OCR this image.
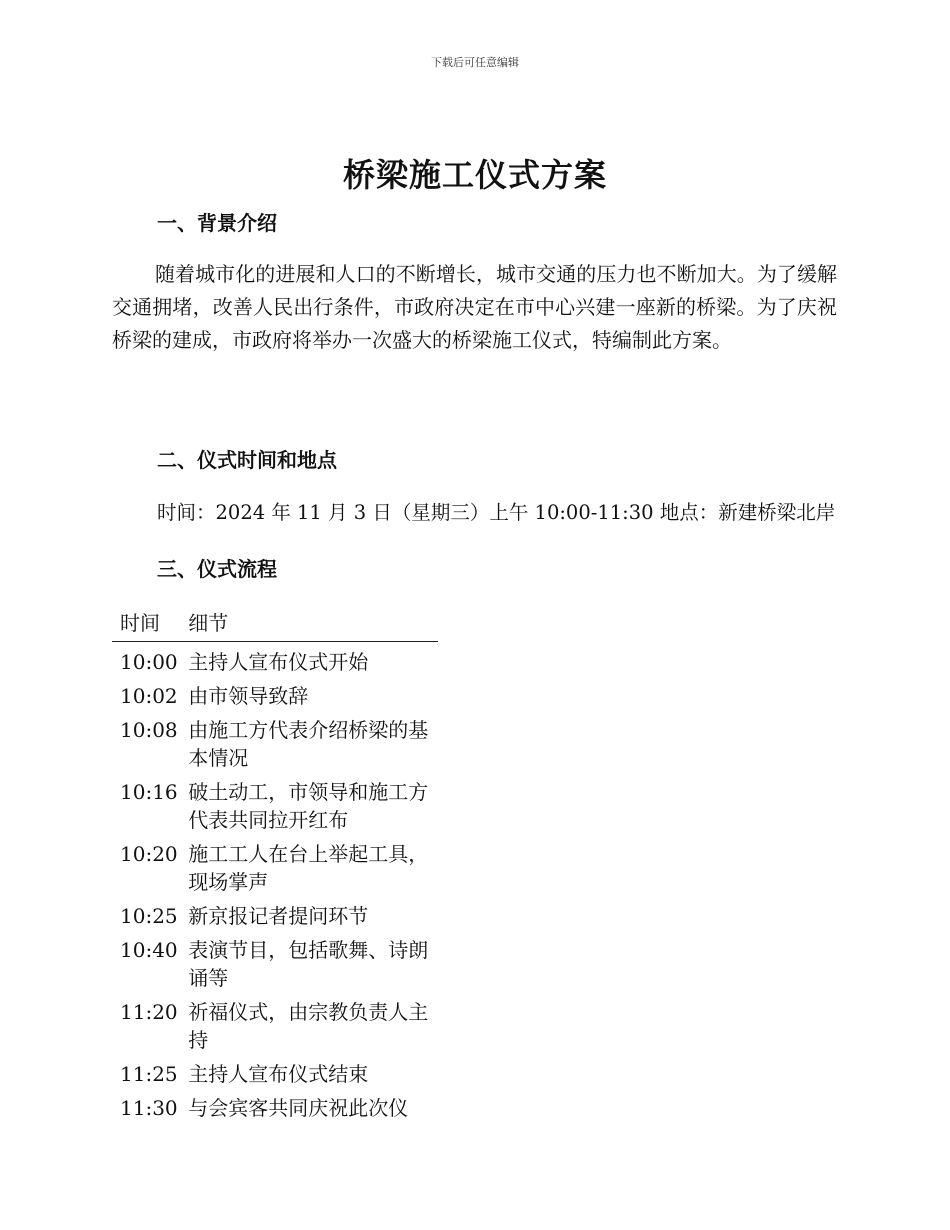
下载后可任意编辑
桥梁施工仪式方案
一、背景介绍
随着城市化的进展和人口的不断增长，城市交通的压力也不断加大。为了缓解交通拥堵，改善人民出行条件，市政府决定在市中心兴建一座新的桥梁。为了庆祝桥梁的建成，市政府将举办一次盛大的桥梁施工仪式，特编制此方案。
二、仪式时间和地点
时间：2024 年 11 月 3 日（星期三）上午 10:00-11:30 地点：新建桥梁北岸
三、仪式流程
时间	细节
10:00	主持人宣布仪式开始
10:02	由市领导致辞
10:08	由施工方代表介绍桥梁的基本情况
10:16	破土动工，市领导和施工方代表共同拉开红布
10:20	施工工人在台上举起工具，现场掌声
10:25	新京报记者提问环节
10:40	表演节目，包括歌舞、诗朗诵等
11:20	祈福仪式，由宗教负责人主持
11:25	主持人宣布仪式结束
11:30	与会宾客共同庆祝此次仪
